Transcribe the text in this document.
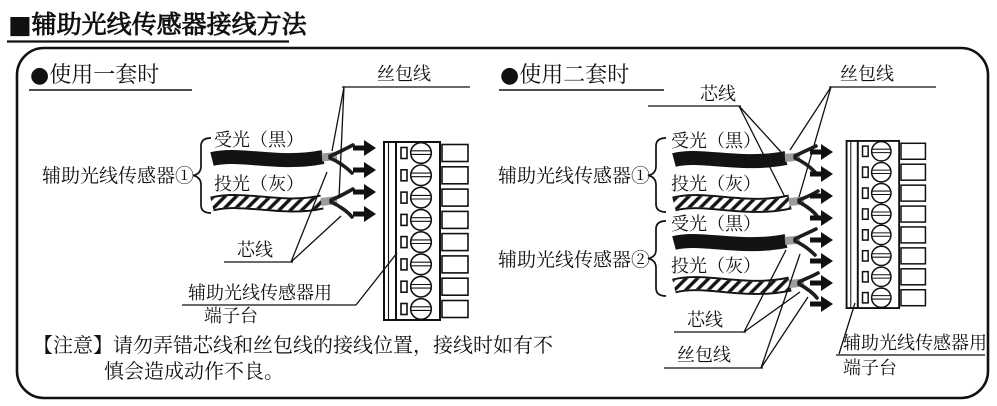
■辅助光线传感器接线方法
●使用一套时
辅助光线传感器①
受光（黒）
投光（灰）
丝包线
芯线
辅助光线传感器用
端子台
【注意】请勿弄错芯线和丝包线的接线位置，接线时如有不
慎会造成动作不良。
●使用二套时
芯线
丝包线
辅助光线传感器①
受光（黒）
投光（灰）
辅助光线传感器②
受光（黒）
投光（灰）
芯线
丝包线
辅助光线传感器用
端子台
